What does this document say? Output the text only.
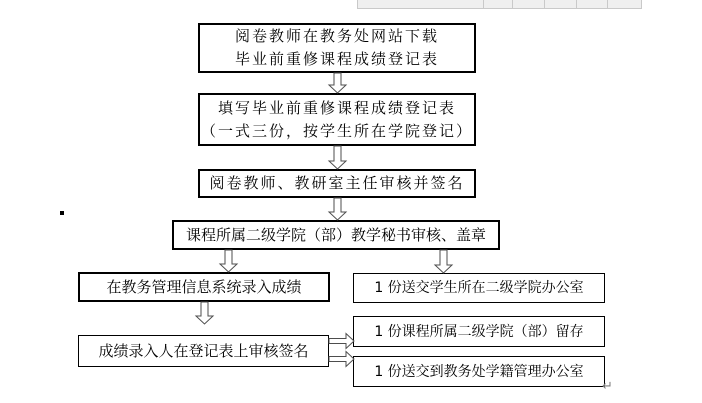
阅卷教师在教务处网站下载
毕业前重修课程成绩登记表
填写毕业前重修课程成绩登记表
（一式三份，按学生所在学院登记）
阅卷教师、教研室主任审核并签名
课程所属二级学院（部）教学秘书审核、盖章
在教务管理信息系统录入成绩
成绩录入人在登记表上审核签名
1 份送交学生所在二级学院办公室
1 份课程所属二级学院（部）留存
1 份送交到教务处学籍管理办公室
↵
